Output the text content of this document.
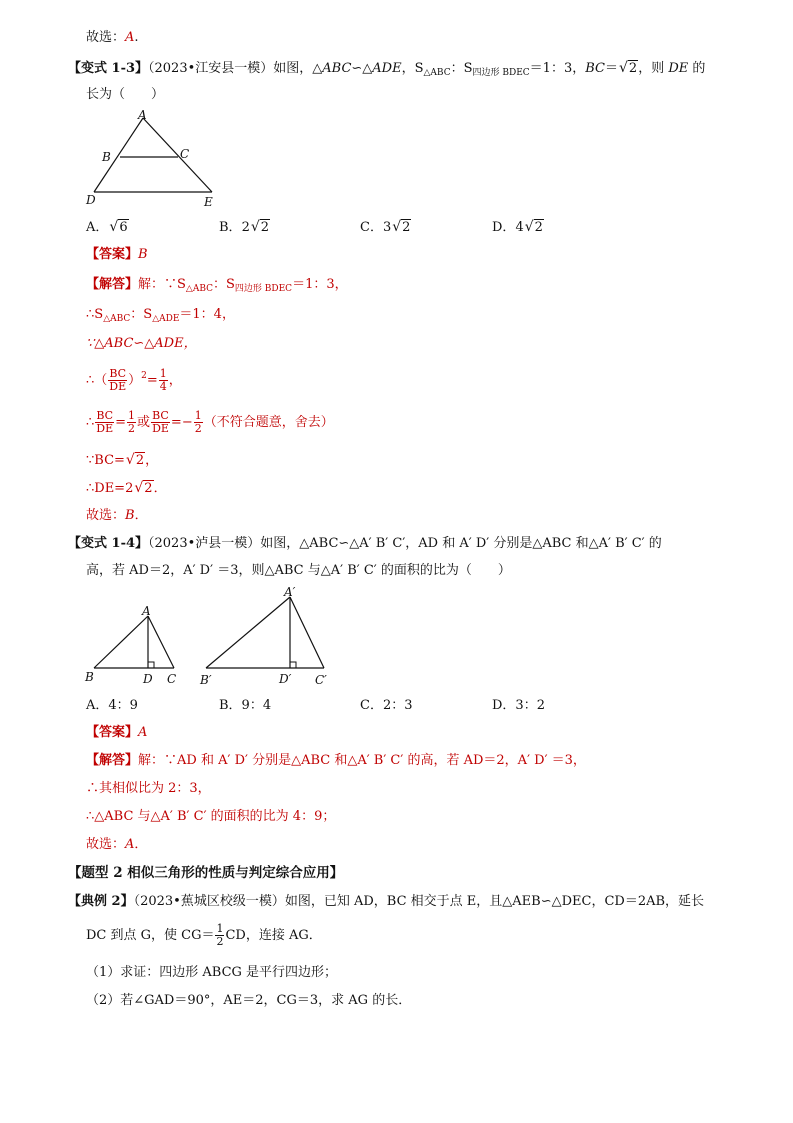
故选：A.
【变式 1-3】（2023•江安县一模）如图，△ABC∽△ADE，$S_{\triangle ABC}$：$S_{四边形 BDEC}=1$：3，BC＝√2，则 DE 的
长为（　　）
A
B	C
D	E
A．√6	B．2√2	C．3√2	D．4√2
【答案】B
【解答】解：$\because S_{\triangle ABC}$：$S_{四边形 BDEC}=1$：3，
$\therefore S_{\triangle ABC}$：$S_{\triangle ADE}=1$：4，
∵△ABC∽△ADE，
∴（ $\frac{BC}{DE} )^2= \frac{1}{4}$ ，
∴ $\frac{BC}{DE} = \frac{1}{2}$ 或 $\frac{BC}{DE} =- \frac{1}{2}$ （不符合题意，舍去）
∵BC=√2，
∴DE=2√2．
故选：B．
【变式 1-4】（2023•泸县一模）如图，△ABC∽△A′ B′ C′，AD 和 A′ D′ 分别是△ABC 和△A′ B′ C′ 的
高，若 AD＝2，A′ D′ ＝3，则△ABC 与△A′ B′ C′ 的面积的比为（　　）
A
B	D C
A′
B′	D′ C′
A．4：9	B．9：4	C．2：3	D．3：2
【答案】A
【解答】解：∵AD 和 A′ D′ 分别是△ABC 和△A′ B′ C′ 的高，若 AD＝2，A′ D′ ＝3，
∴其相似比为 2：3，
∴△ABC 与△A′ B′ C′ 的面积的比为 4：9；
故选：A．
【题型 2 相似三角形的性质与判定综合应用】
【典例 2】（2023•蕉城区校级一模）如图，已知 AD，BC 相交于点 E，且△AEB∽△DEC，CD＝2AB，延长
DC 到点 G，使 $CG= \frac{1}{2}$ CD，连接 AG．
（1）求证：四边形 ABCG 是平行四边形；
（2）若∠GAD＝90°，AE＝2，CG＝3，求 AG 的长．
